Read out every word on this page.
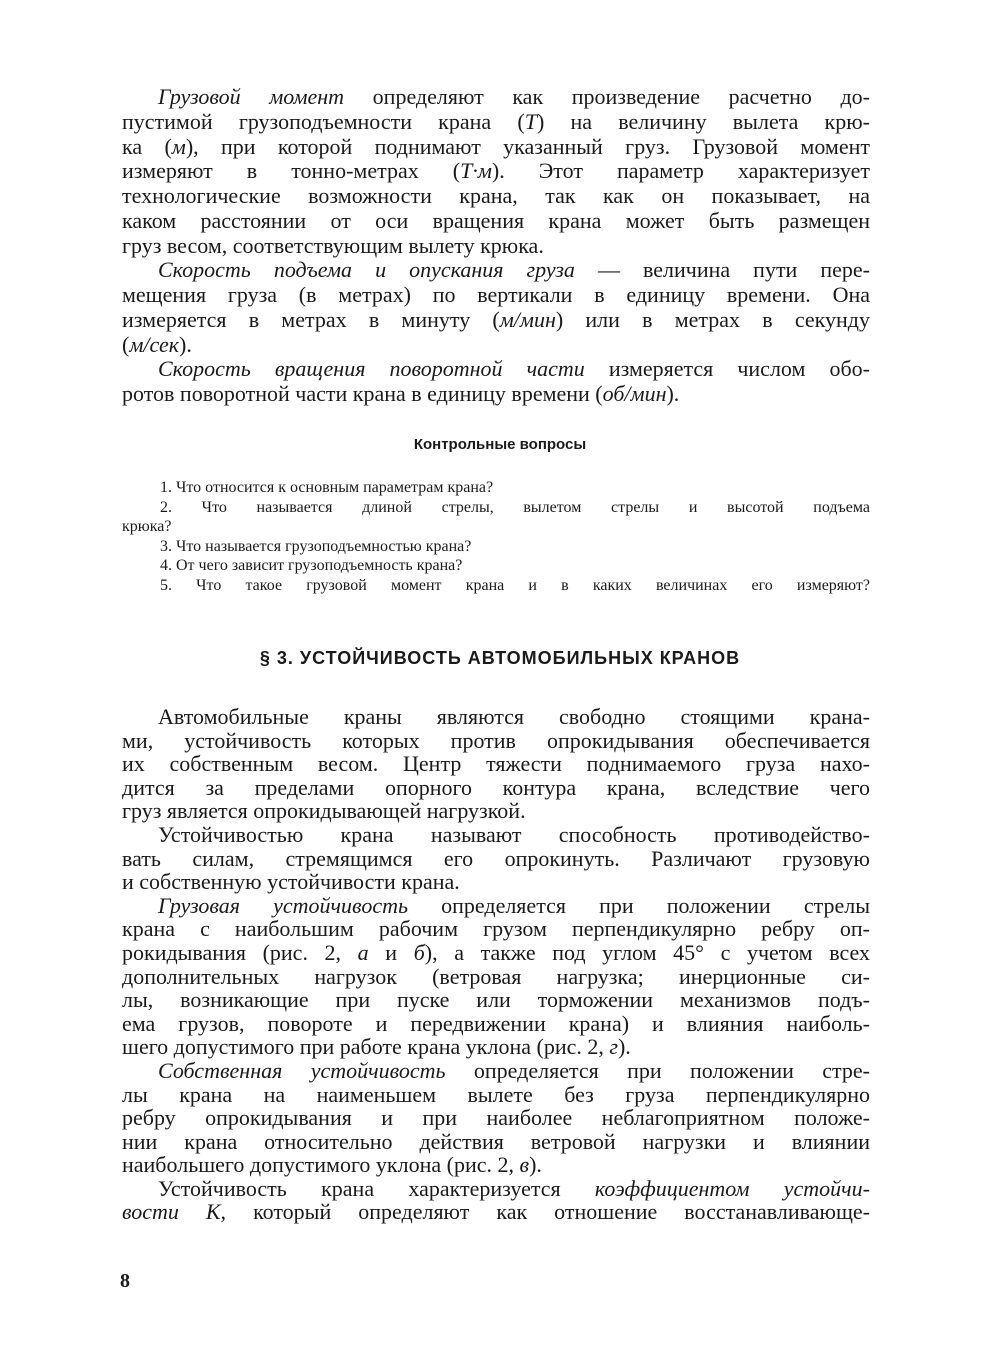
Грузовой момент определяют как произведение расчетно до-
пустимой грузоподъемности крана (Т) на величину вылета крю-
ка (м), при которой поднимают указанный груз. Грузовой момент
измеряют в тонно-метрах (Т·м). Этот параметр характеризует
технологические возможности крана, так как он показывает, на
каком расстоянии от оси вращения крана может быть размещен
груз весом, соответствующим вылету крюка.
Скорость подъема и опускания груза — величина пути пере-
мещения груза (в метрах) по вертикали в единицу времени. Она
измеряется в метрах в минуту (м/мин) или в метрах в секунду
(м/сек).
Скорость вращения поворотной части измеряется числом обо-
ротов поворотной части крана в единицу времени (об/мин).
Контрольные вопросы
1. Что относится к основным параметрам крана?
2. Что называется длиной стрелы, вылетом стрелы и высотой подъема
крюка?
3. Что называется грузоподъемностью крана?
4. От чего зависит грузоподъемность крана?
5. Что такое грузовой момент крана и в каких величинах его измеряют?
§ 3. УСТОЙЧИВОСТЬ АВТОМОБИЛЬНЫХ КРАНОВ
Автомобильные краны являются свободно стоящими крана-
ми, устойчивость которых против опрокидывания обеспечивается
их собственным весом. Центр тяжести поднимаемого груза нахо-
дится за пределами опорного контура крана, вследствие чего
груз является опрокидывающей нагрузкой.
Устойчивостью крана называют способность противодейство-
вать силам, стремящимся его опрокинуть. Различают грузовую
и собственную устойчивости крана.
Грузовая устойчивость определяется при положении стрелы
крана с наибольшим рабочим грузом перпендикулярно ребру оп-
рокидывания (рис. 2, а и б), а также под углом 45° с учетом всех
дополнительных нагрузок (ветровая нагрузка; инерционные си-
лы, возникающие при пуске или торможении механизмов подъ-
ема грузов, повороте и передвижении крана) и влияния наиболь-
шего допустимого при работе крана уклона (рис. 2, г).
Собственная устойчивость определяется при положении стре-
лы крана на наименьшем вылете без груза перпендикулярно
ребру опрокидывания и при наиболее неблагоприятном положе-
нии крана относительно действия ветровой нагрузки и влиянии
наибольшего допустимого уклона (рис. 2, в).
Устойчивость крана характеризуется коэффициентом устойчи-
вости К, который определяют как отношение восстанавливающе-
8
